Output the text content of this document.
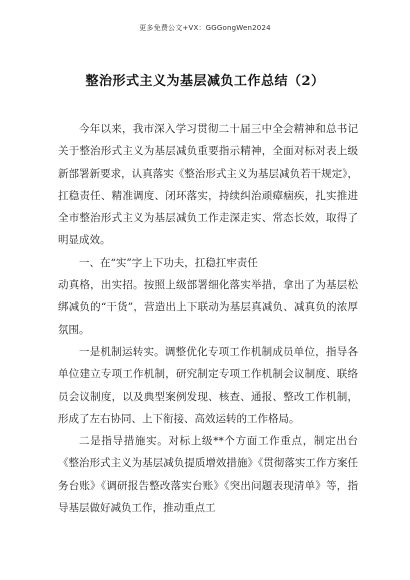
更多免费公文+VX：GGGongWen2024
整治形式主义为基层减负工作总结（2）

今年以来，我市深入学习贯彻二十届三中全会精神和总书记关于整治形式主义为基层减负重要指示精神，全面对标对表上级新部署新要求，认真落实《整治形式主义为基层减负若干规定》，扛稳责任、精准调度、闭环落实，持续纠治顽瘴痼疾，扎实推进全市整治形式主义为基层减负工作走深走实、常态长效，取得了明显成效。

一、在“实”字上下功夫，扛稳扛牢责任

动真格，出实招。按照上级部署细化落实举措，拿出了为基层松绑减负的“干货”，营造出上下联动为基层真减负、减真负的浓厚氛围。

一是机制运转实。调整优化专项工作机制成员单位，指导各单位建立专项工作机制，研究制定专项工作机制会议制度、联络员会议制度，以及典型案例发现、核查、通报、整改工作机制，形成了左右协同、上下衔接、高效运转的工作格局。

二是指导措施实。对标上级**个方面工作重点，制定出台《整治形式主义为基层减负提质增效措施》《贯彻落实工作方案任务台账》《调研报告整改落实台账》《突出问题表现清单》等，指导基层做好减负工作，推动重点工
